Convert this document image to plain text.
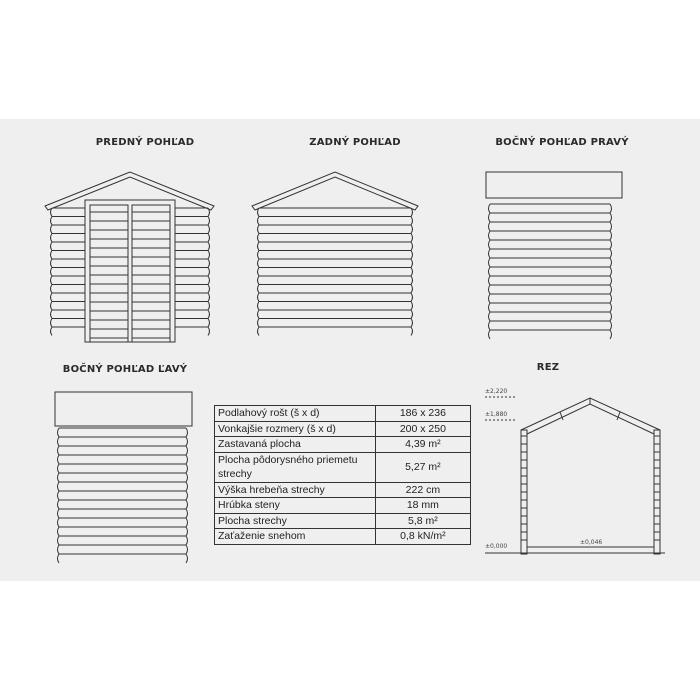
PREDNÝ POHĽAD	ZADNÝ POHĽAD	BOČNÝ POHĽAD PRAVÝ
BOČNÝ POHĽAD ĽAVÝ	REZ
±2,220
±1,880
±0,046
±0,000
Podlahový rošt (š x d)	186 x 236
Vonkajšie rozmery (š x d)	200 x 250
Zastavaná plocha	4,39 m²
Plocha pôdorysného priemetu strechy	5,27 m²
Výška hrebeňa strechy	222 cm
Hrúbka steny	18 mm
Plocha strechy	5,8 m²
Zaťaženie snehom	0,8 kN/m²
